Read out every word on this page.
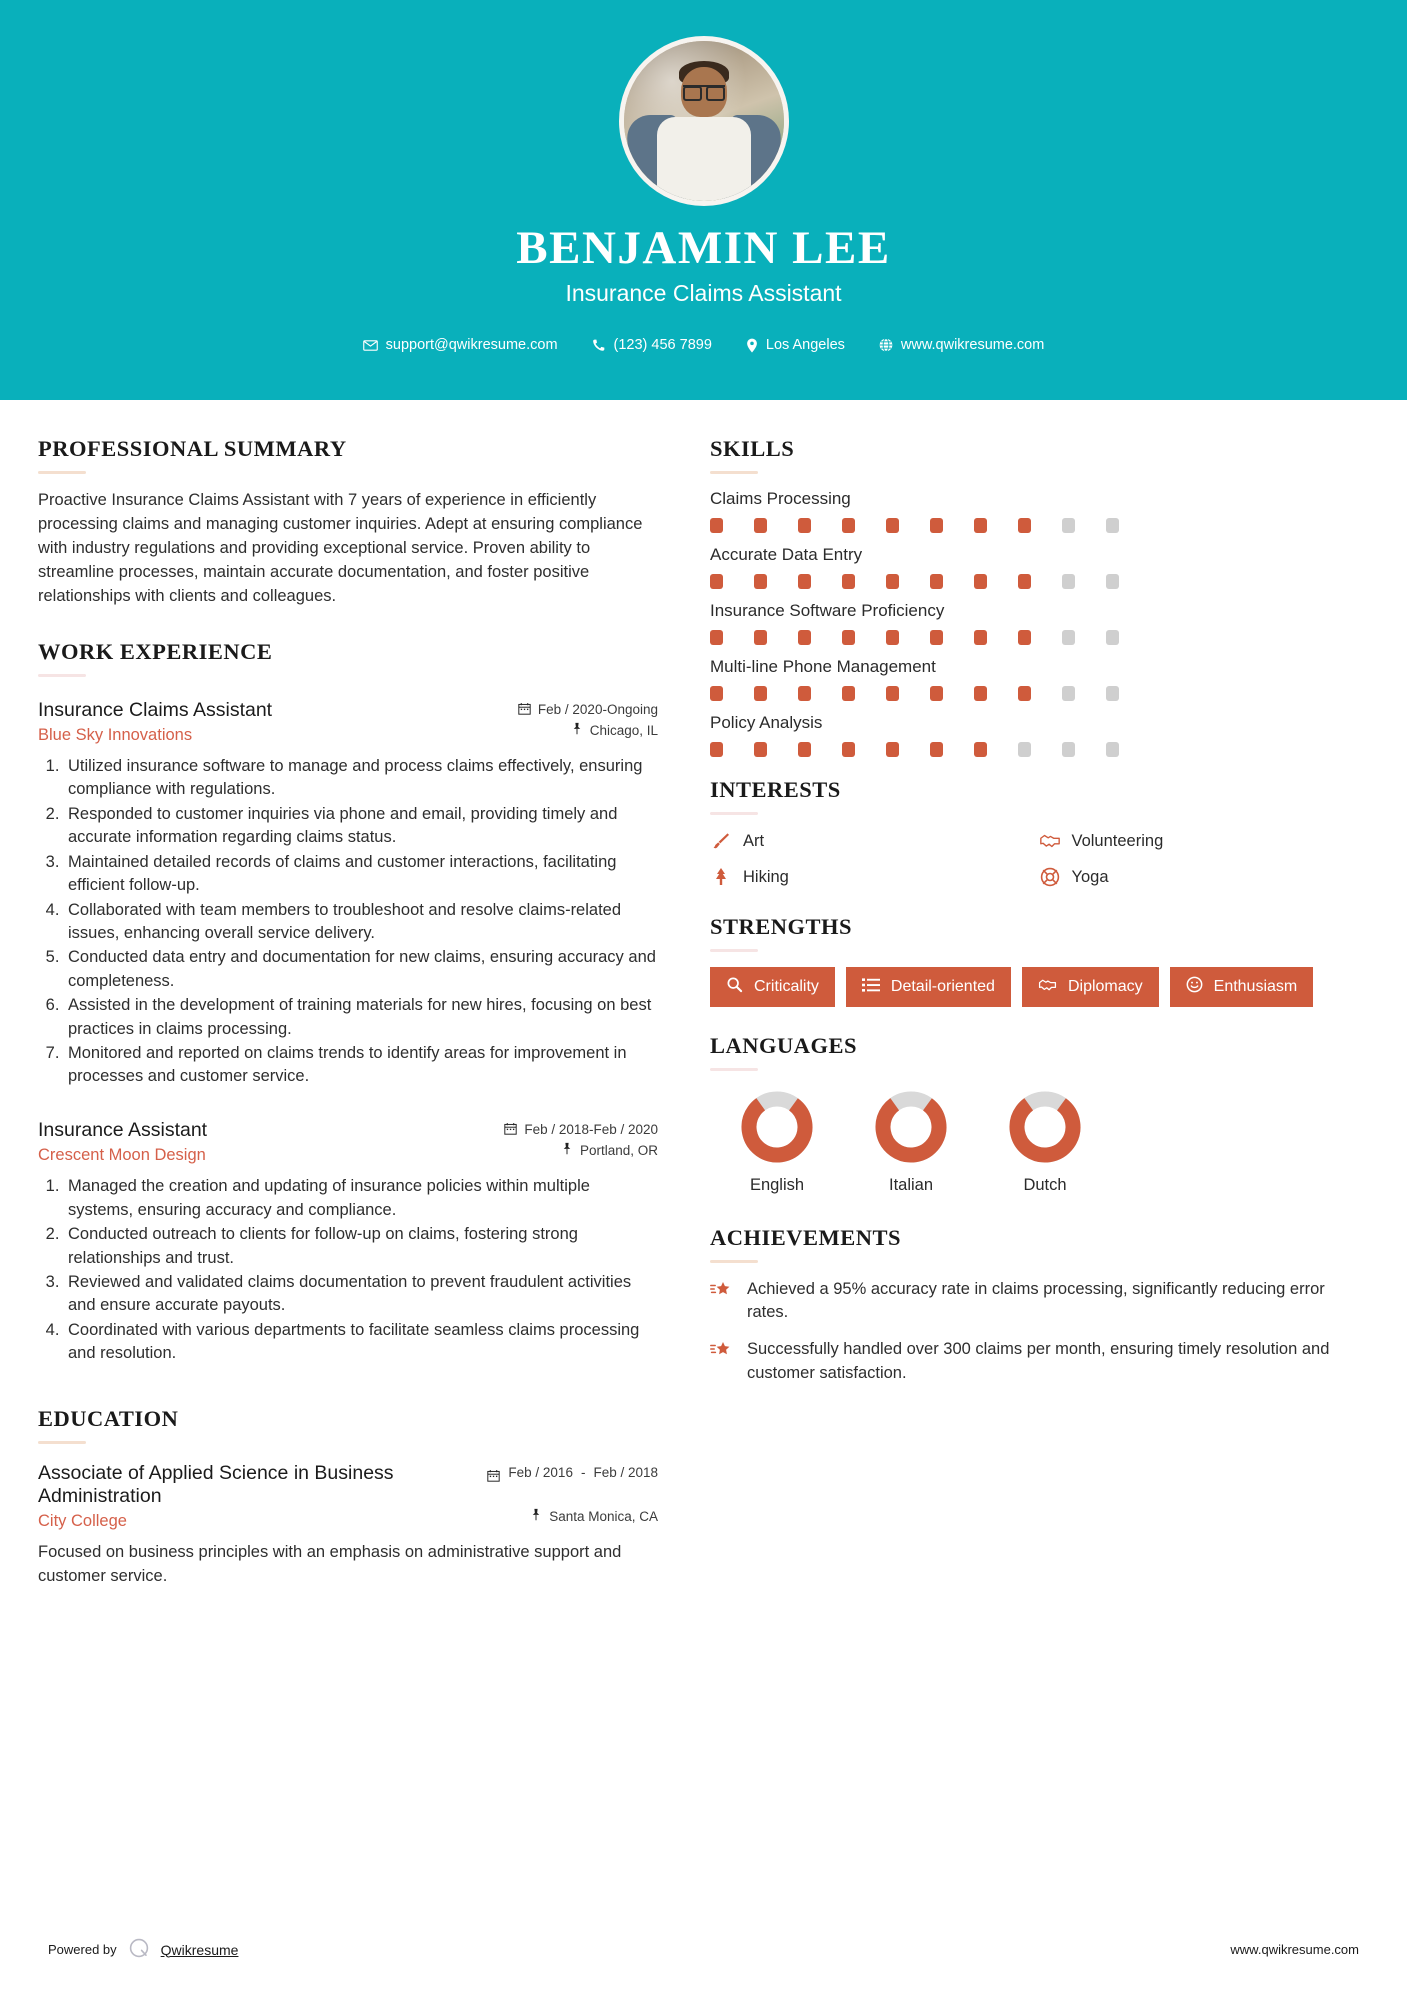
BENJAMIN LEE
Insurance Claims Assistant
support@qwikresume.com	(123) 456 7899	Los Angeles	www.qwikresume.com
PROFESSIONAL SUMMARY
Proactive Insurance Claims Assistant with 7 years of experience in efficiently processing claims and managing customer inquiries. Adept at ensuring compliance with industry regulations and providing exceptional service. Proven ability to streamline processes, maintain accurate documentation, and foster positive relationships with clients and colleagues.
WORK EXPERIENCE
Insurance Claims Assistant	Feb / 2020-Ongoing
Blue Sky Innovations	Chicago, IL
1. Utilized insurance software to manage and process claims effectively, ensuring compliance with regulations.
2. Responded to customer inquiries via phone and email, providing timely and accurate information regarding claims status.
3. Maintained detailed records of claims and customer interactions, facilitating efficient follow-up.
4. Collaborated with team members to troubleshoot and resolve claims-related issues, enhancing overall service delivery.
5. Conducted data entry and documentation for new claims, ensuring accuracy and completeness.
6. Assisted in the development of training materials for new hires, focusing on best practices in claims processing.
7. Monitored and reported on claims trends to identify areas for improvement in processes and customer service.
Insurance Assistant	Feb / 2018-Feb / 2020
Crescent Moon Design	Portland, OR
1. Managed the creation and updating of insurance policies within multiple systems, ensuring accuracy and compliance.
2. Conducted outreach to clients for follow-up on claims, fostering strong relationships and trust.
3. Reviewed and validated claims documentation to prevent fraudulent activities and ensure accurate payouts.
4. Coordinated with various departments to facilitate seamless claims processing and resolution.
EDUCATION
Associate of Applied Science in Business Administration
Feb / 2016 - Feb / 2018
City College	Santa Monica, CA
Focused on business principles with an emphasis on administrative support and customer service.
SKILLS
Claims Processing
Accurate Data Entry
Insurance Software Proficiency
Multi-line Phone Management
Policy Analysis
INTERESTS
Art	Volunteering
Hiking	Yoga
STRENGTHS
Criticality	Detail-oriented	Diplomacy	Enthusiasm
LANGUAGES
English	Italian	Dutch
ACHIEVEMENTS
Achieved a 95% accuracy rate in claims processing, significantly reducing error rates.
Successfully handled over 300 claims per month, ensuring timely resolution and customer satisfaction.
Powered by	Qwikresume	www.qwikresume.com
